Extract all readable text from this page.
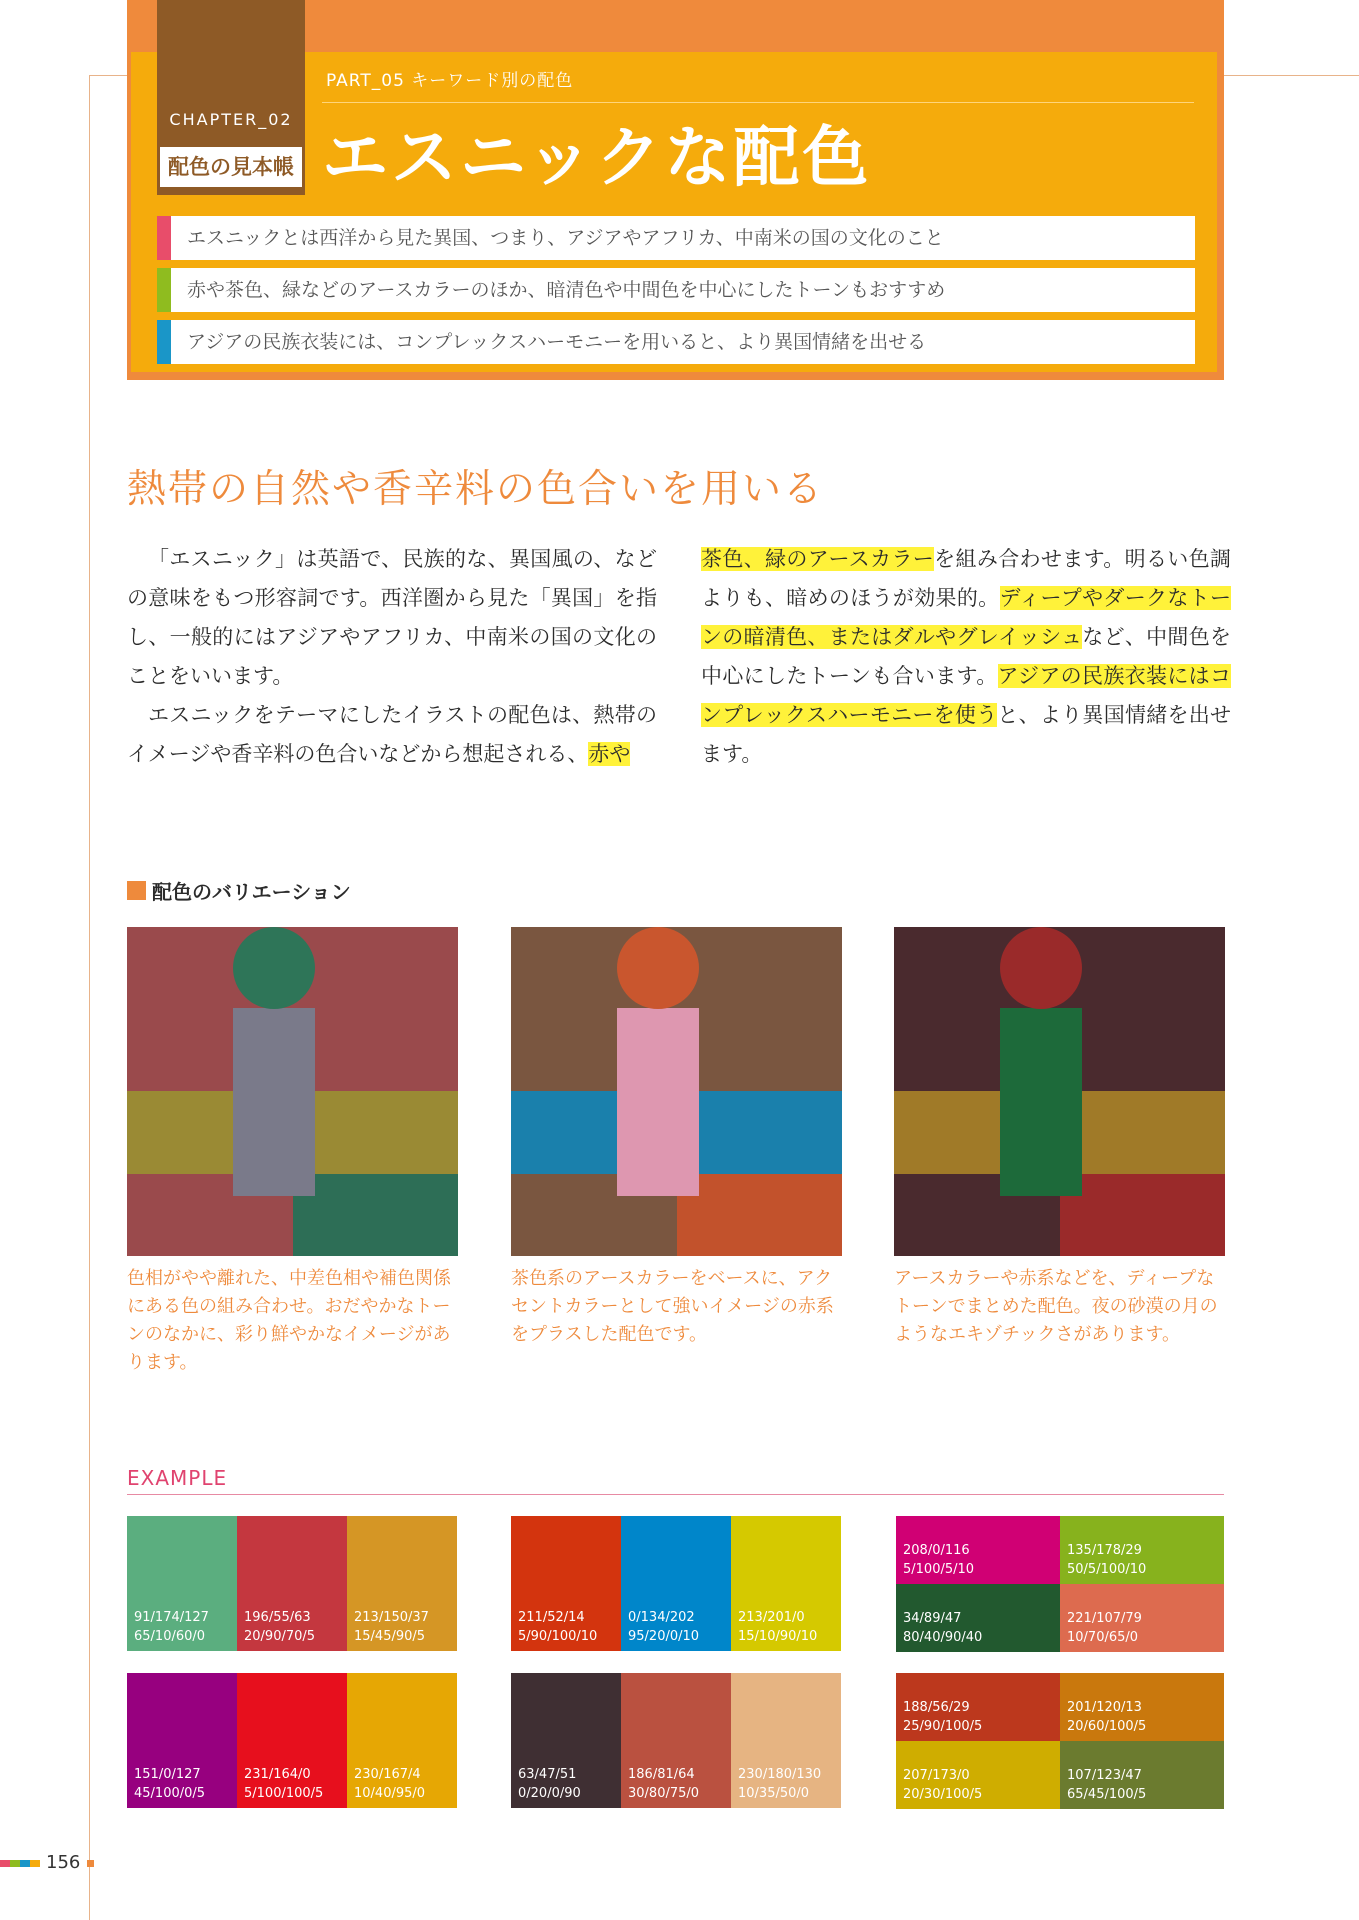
CHAPTER_02
配色の見本帳
PART_05 キーワード別の配色
エスニックな配色
エスニックとは西洋から見た異国、つまり、アジアやアフリカ、中南米の国の文化のこと
赤や茶色、緑などのアースカラーのほか、暗清色や中間色を中心にしたトーンもおすすめ
アジアの民族衣装には、コンプレックスハーモニーを用いると、より異国情緒を出せる
熱帯の自然や香辛料の色合いを用いる
「エスニック」は英語で、民族的な、異国風の、などの意味をもつ形容詞です。西洋圏から見た「異国」を指し、一般的にはアジアやアフリカ、中南米の国の文化のことをいいます。
エスニックをテーマにしたイラストの配色は、熱帯のイメージや香辛料の色合いなどから想起される、赤や
茶色、緑のアースカラーを組み合わせます。明るい色調よりも、暗めのほうが効果的。ディープやダークなトーンの暗清色、またはダルやグレイッシュなど、中間色を中心にしたトーンも合います。アジアの民族衣装にはコンプレックスハーモニーを使うと、より異国情緒を出せます。
配色のバリエーション
色相がやや離れた、中差色相や補色関係にある色の組み合わせ。おだやかなトーンのなかに、彩り鮮やかなイメージがあります。
茶色系のアースカラーをベースに、アクセントカラーとして強いイメージの赤系をプラスした配色です。
アースカラーや赤系などを、ディープなトーンでまとめた配色。夜の砂漠の月のようなエキゾチックさがあります。
EXAMPLE
91/174/127
65/10/60/0
196/55/63
20/90/70/5
213/150/37
15/45/90/5
151/0/127
45/100/0/5
231/164/0
5/100/100/5
230/167/4
10/40/95/0
211/52/14
5/90/100/10
0/134/202
95/20/0/10
213/201/0
15/10/90/10
63/47/51
0/20/0/90
186/81/64
30/80/75/0
230/180/130
10/35/50/0
208/0/116
5/100/5/10
135/178/29
50/5/100/10
34/89/47
80/40/90/40
221/107/79
10/70/65/0
188/56/29
25/90/100/5
201/120/13
20/60/100/5
207/173/0
20/30/100/5
107/123/47
65/45/100/5
156
